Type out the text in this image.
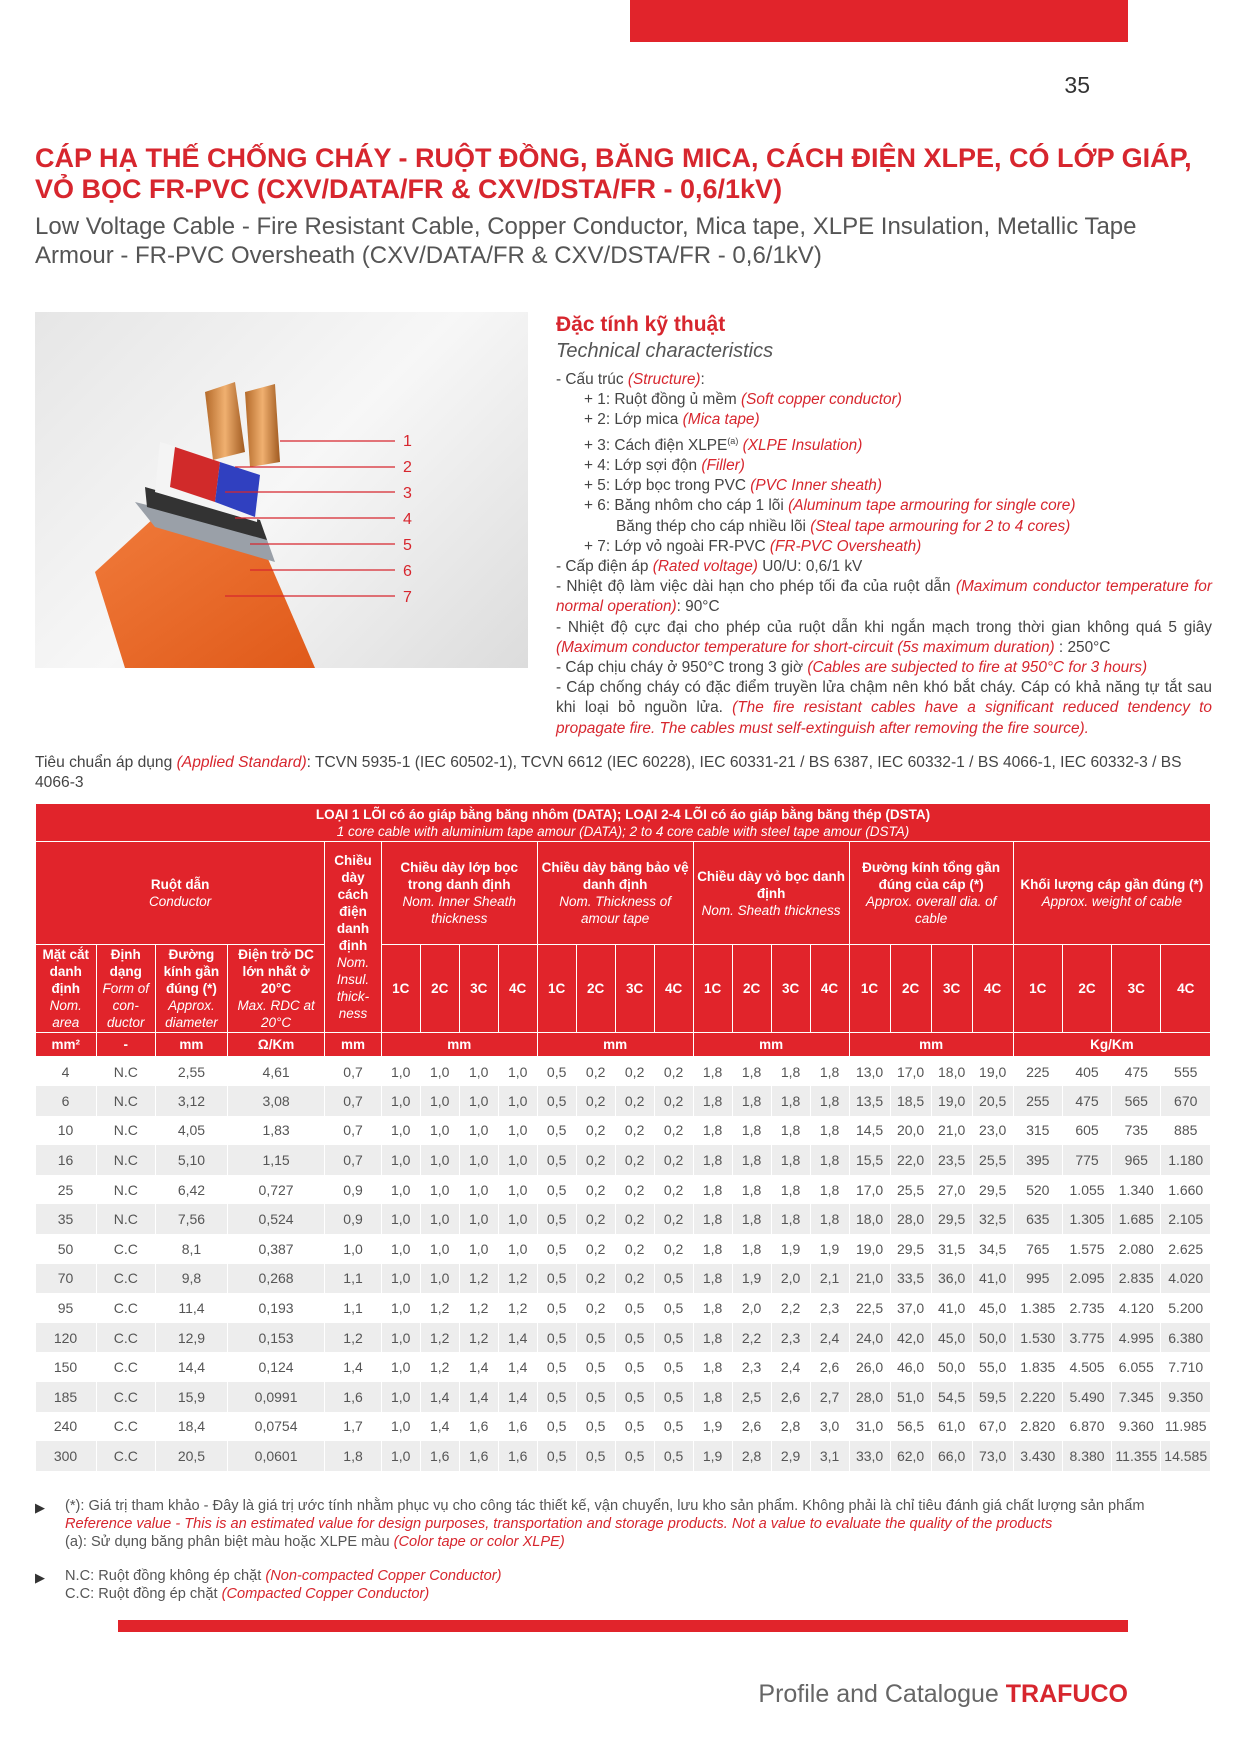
35
CÁP HẠ THẾ CHỐNG CHÁY - RUỘT ĐỒNG, BĂNG MICA, CÁCH ĐIỆN XLPE, CÓ LỚP GIÁP, VỎ BỌC FR-PVC (CXV/DATA/FR & CXV/DSTA/FR - 0,6/1kV)
Low Voltage Cable - Fire Resistant Cable, Copper Conductor, Mica tape, XLPE Insulation, Metallic Tape Armour - FR-PVC Oversheath (CXV/DATA/FR & CXV/DSTA/FR - 0,6/1kV)
1
2
3
4
5
6
7
Đặc tính kỹ thuật
Technical characteristics

- Cấu trúc (Structure):

+ 1: Ruột đồng ủ mềm (Soft copper conductor)

+ 2: Lớp mica (Mica tape)

+ 3: Cách điện XLPE$^{(a)}$ (XLPE Insulation)

+ 4: Lớp sợi độn (Filler)

+ 5: Lớp bọc trong PVC (PVC Inner sheath)

+ 6: Băng nhôm cho cáp 1 lõi (Aluminum tape armouring for single core)

Băng thép cho cáp nhiều lõi (Steal tape armouring for 2 to 4 cores)

+ 7: Lớp vỏ ngoài FR-PVC (FR-PVC Oversheath)

- Cấp điện áp (Rated voltage) U0/U: 0,6/1 kV

- Nhiệt độ làm việc dài hạn cho phép tối đa của ruột dẫn (Maximum conductor temperature for normal operation): 90°C

- Nhiệt độ cực đại cho phép của ruột dẫn khi ngắn mạch trong thời gian không quá 5 giây (Maximum conductor temperature for short-circuit (5s maximum duration) : 250°C

- Cáp chịu cháy ở 950°C trong 3 giờ (Cables are subjected to fire at 950°C for 3 hours)

- Cáp chống cháy có đặc điểm truyền lửa chậm nên khó bắt cháy. Cáp có khả năng tự tắt sau khi loại bỏ nguồn lửa. (The fire resistant cables have a significant reduced tendency to propagate fire. The cables must self-extinguish after removing the fire source).

Tiêu chuẩn áp dụng (Applied Standard): TCVN 5935-1 (IEC 60502-1), TCVN 6612 (IEC 60228), IEC 60331-21 / BS 6387, IEC 60332-1 / BS 4066-1, IEC 60332-3 / BS 4066-3
LOẠI 1 LÕI có áo giáp bằng băng nhôm (DATA); LOẠI 2-4 LÕI có áo giáp bằng băng thép (DSTA)
1 core cable with aluminium tape amour (DATA); 2 to 4 core cable with steel tape amour (DSTA)																								

Ruột dẫn
Conductor				Chiều dày cách điện danh định
Nom. Insul. thick-ness	Chiều dày lớp bọc trong danh định
Nom. Inner Sheath thickness				Chiều dày băng bảo vệ danh định
Nom. Thickness of amour tape				Chiều dày vỏ bọc danh định
Nom. Sheath thickness				Đường kính tổng gần đúng của cáp (*)
Approx. overall dia. of cable				Khối lượng cáp gần đúng (*)
Approx. weight of cable			

Mặt cắt danh định
Nom. area	Định dạng
Form of con-ductor	Đường kính gần đúng (*)
Approx. diameter	Điện trở DC lớn nhất ở 20°C
Max. RDC at 20°C		1C	2C	3C	4C	1C	2C	3C	4C	1C	2C	3C	4C	1C	2C	3C	4C	1C	2C	3C	4C
mm²	-	mm	Ω/Km	mm	mm				mm				mm				mm				Kg/Km			
4	N.C	2,55	4,61	0,7	1,0	1,0	1,0	1,0	0,5	0,2	0,2	0,2	1,8	1,8	1,8	1,8	13,0	17,0	18,0	19,0	225	405	475	555
6	N.C	3,12	3,08	0,7	1,0	1,0	1,0	1,0	0,5	0,2	0,2	0,2	1,8	1,8	1,8	1,8	13,5	18,5	19,0	20,5	255	475	565	670
10	N.C	4,05	1,83	0,7	1,0	1,0	1,0	1,0	0,5	0,2	0,2	0,2	1,8	1,8	1,8	1,8	14,5	20,0	21,0	23,0	315	605	735	885
16	N.C	5,10	1,15	0,7	1,0	1,0	1,0	1,0	0,5	0,2	0,2	0,2	1,8	1,8	1,8	1,8	15,5	22,0	23,5	25,5	395	775	965	1.180
25	N.C	6,42	0,727	0,9	1,0	1,0	1,0	1,0	0,5	0,2	0,2	0,2	1,8	1,8	1,8	1,8	17,0	25,5	27,0	29,5	520	1.055	1.340	1.660
35	N.C	7,56	0,524	0,9	1,0	1,0	1,0	1,0	0,5	0,2	0,2	0,2	1,8	1,8	1,8	1,8	18,0	28,0	29,5	32,5	635	1.305	1.685	2.105
50	C.C	8,1	0,387	1,0	1,0	1,0	1,0	1,0	0,5	0,2	0,2	0,2	1,8	1,8	1,9	1,9	19,0	29,5	31,5	34,5	765	1.575	2.080	2.625
70	C.C	9,8	0,268	1,1	1,0	1,0	1,2	1,2	0,5	0,2	0,2	0,5	1,8	1,9	2,0	2,1	21,0	33,5	36,0	41,0	995	2.095	2.835	4.020
95	C.C	11,4	0,193	1,1	1,0	1,2	1,2	1,2	0,5	0,2	0,5	0,5	1,8	2,0	2,2	2,3	22,5	37,0	41,0	45,0	1.385	2.735	4.120	5.200
120	C.C	12,9	0,153	1,2	1,0	1,2	1,2	1,4	0,5	0,5	0,5	0,5	1,8	2,2	2,3	2,4	24,0	42,0	45,0	50,0	1.530	3.775	4.995	6.380
150	C.C	14,4	0,124	1,4	1,0	1,2	1,4	1,4	0,5	0,5	0,5	0,5	1,8	2,3	2,4	2,6	26,0	46,0	50,0	55,0	1.835	4.505	6.055	7.710
185	C.C	15,9	0,0991	1,6	1,0	1,4	1,4	1,4	0,5	0,5	0,5	0,5	1,8	2,5	2,6	2,7	28,0	51,0	54,5	59,5	2.220	5.490	7.345	9.350
240	C.C	18,4	0,0754	1,7	1,0	1,4	1,6	1,6	0,5	0,5	0,5	0,5	1,9	2,6	2,8	3,0	31,0	56,5	61,0	67,0	2.820	6.870	9.360	11.985
300	C.C	20,5	0,0601	1,8	1,0	1,6	1,6	1,6	0,5	0,5	0,5	0,5	1,9	2,8	2,9	3,1	33,0	62,0	66,0	73,0	3.430	8.380	11.355	14.585
▶ (*): Giá trị tham khảo - Đây là giá trị ước tính nhằm phục vụ cho công tác thiết kế, vận chuyển, lưu kho sản phẩm. Không phải là chỉ tiêu đánh giá chất lượng sản phẩm
Reference value - This is an estimated value for design purposes, transportation and storage products. Not a value to evaluate the quality of the products
(a): Sử dụng băng phân biệt màu hoặc XLPE màu (Color tape or color XLPE)
▶ N.C: Ruột đồng không ép chặt (Non-compacted Copper Conductor)
C.C: Ruột đồng ép chặt (Compacted Copper Conductor)
Profile and Catalogue TRAFUCO
